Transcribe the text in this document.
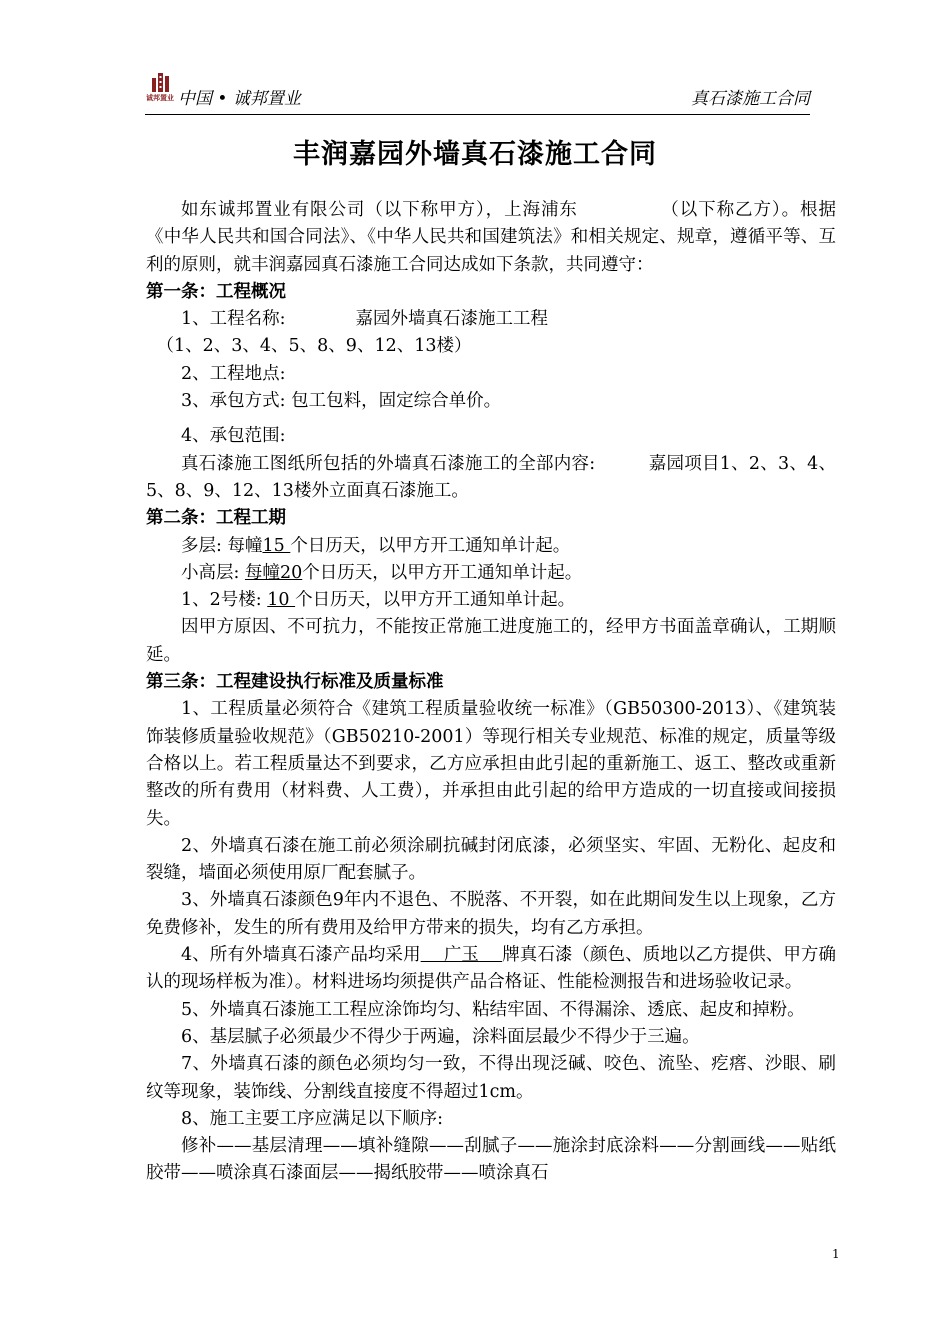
诚邦置业 中国 • 诚邦置业	真石漆施工合同
丰润嘉园外墙真石漆施工合同

如东诚邦置业有限公司（以下称甲方），上海浦东　　　　　（以下称乙方）。根据《中华人民共和国合同法》、《中华人民共和国建筑法》和相关规定、规章，遵循平等、互利的原则，就丰润嘉园真石漆施工合同达成如下条款，共同遵守：

第一条：工程概况

1、工程名称:　　　　嘉园外墙真石漆施工工程

（1、2、3、4、5、8、9、12、13楼）

2、工程地点:

3、承包方式: 包工包料，固定综合单价。

4、承包范围:

真石漆施工图纸所包括的外墙真石漆施工的全部内容:　　　嘉园项目1、2、3、4、5、8、9、12、13楼外立面真石漆施工。

第二条：工程工期

多层: 每幢15 个日历天，以甲方开工通知单计起。

小高层: 每幢20个日历天，以甲方开工通知单计起。

1、2号楼: 10 个日历天，以甲方开工通知单计起。

因甲方原因、不可抗力，不能按正常施工进度施工的，经甲方书面盖章确认，工期顺延。

第三条：工程建设执行标准及质量标准

1、工程质量必须符合《建筑工程质量验收统一标准》（GB50300-2013）、《建筑装饰装修质量验收规范》（GB50210-2001）等现行相关专业规范、标准的规定，质量等级合格以上。若工程质量达不到要求，乙方应承担由此引起的重新施工、返工、整改或重新整改的所有费用（材料费、人工费），并承担由此引起的给甲方造成的一切直接或间接损失。

2、外墙真石漆在施工前必须涂刷抗碱封闭底漆，必须坚实、牢固、无粉化、起皮和裂缝，墙面必须使用原厂配套腻子。

3、外墙真石漆颜色9年内不退色、不脱落、不开裂，如在此期间发生以上现象，乙方免费修补，发生的所有费用及给甲方带来的损失，均有乙方承担。

4、所有外墙真石漆产品均采用　 广玉　 牌真石漆（颜色、质地以乙方提供、甲方确认的现场样板为准）。材料进场均须提供产品合格证、性能检测报告和进场验收记录。

5、外墙真石漆施工工程应涂饰均匀、粘结牢固、不得漏涂、透底、起皮和掉粉。

6、基层腻子必须最少不得少于两遍，涂料面层最少不得少于三遍。

7、外墙真石漆的颜色必须均匀一致，不得出现泛碱、咬色、流坠、疙瘩、沙眼、刷纹等现象，装饰线、分割线直接度不得超过1cm。

8、施工主要工序应满足以下顺序:

修补——基层清理——填补缝隙——刮腻子——施涂封底涂料——分割画线——贴纸胶带——喷涂真石漆面层——揭纸胶带——喷涂真石

1
